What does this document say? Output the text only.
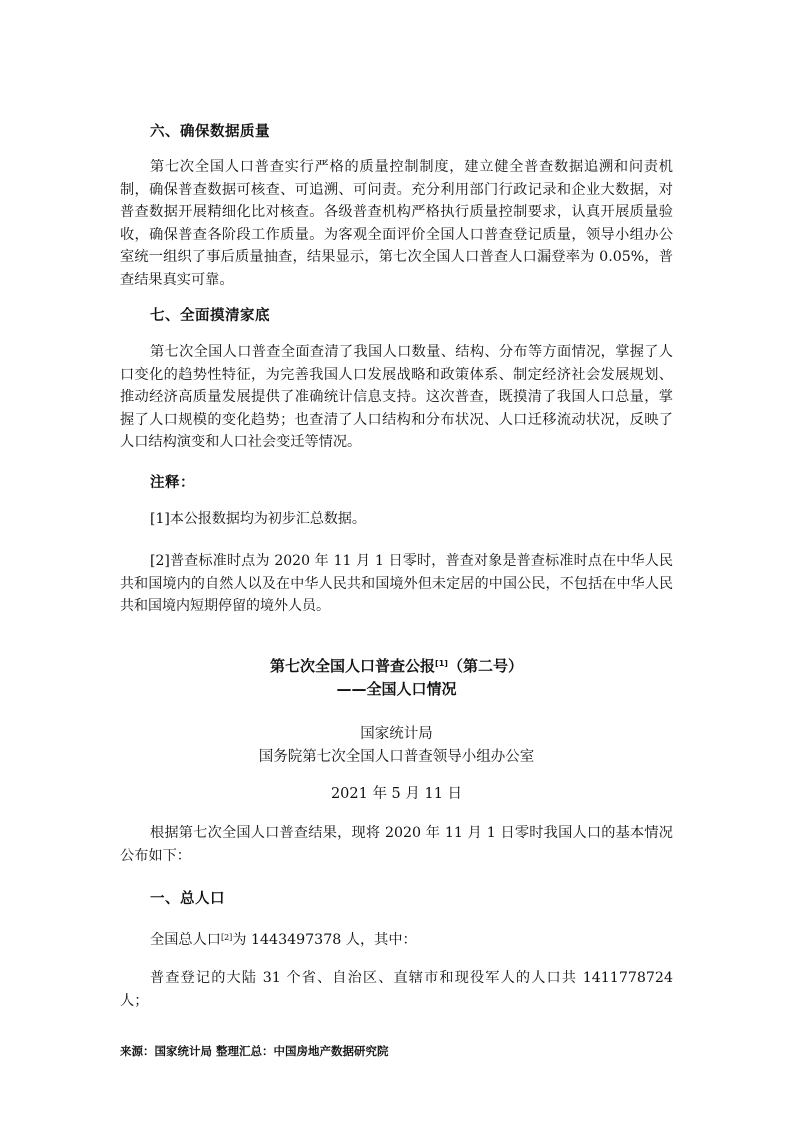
六、确保数据质量
第七次全国人口普查实行严格的质量控制制度，建立健全普查数据追溯和问责机制，确保普查数据可核查、可追溯、可问责。充分利用部门行政记录和企业大数据，对普查数据开展精细化比对核查。各级普查机构严格执行质量控制要求，认真开展质量验收，确保普查各阶段工作质量。为客观全面评价全国人口普查登记质量，领导小组办公室统一组织了事后质量抽查，结果显示，第七次全国人口普查人口漏登率为 0.05%，普查结果真实可靠。
七、全面摸清家底
第七次全国人口普查全面查清了我国人口数量、结构、分布等方面情况，掌握了人口变化的趋势性特征，为完善我国人口发展战略和政策体系、制定经济社会发展规划、推动经济高质量发展提供了准确统计信息支持。这次普查，既摸清了我国人口总量，掌握了人口规模的变化趋势；也查清了人口结构和分布状况、人口迁移流动状况，反映了人口结构演变和人口社会变迁等情况。
注释：
[1]本公报数据均为初步汇总数据。
[2]普查标准时点为 2020 年 11 月 1 日零时，普查对象是普查标准时点在中华人民共和国境内的自然人以及在中华人民共和国境外但未定居的中国公民，不包括在中华人民共和国境内短期停留的境外人员。
第七次全国人口普查公报[1]（第二号）
——全国人口情况
国家统计局
国务院第七次全国人口普查领导小组办公室
2021 年 5 月 11 日
根据第七次全国人口普查结果，现将 2020 年 11 月 1 日零时我国人口的基本情况公布如下：
一、总人口
全国总人口[2]为 1443497378 人，其中：
普查登记的大陆 31 个省、自治区、直辖市和现役军人的人口共 1411778724 人；
来源：国家统计局 整理汇总：中国房地产数据研究院
